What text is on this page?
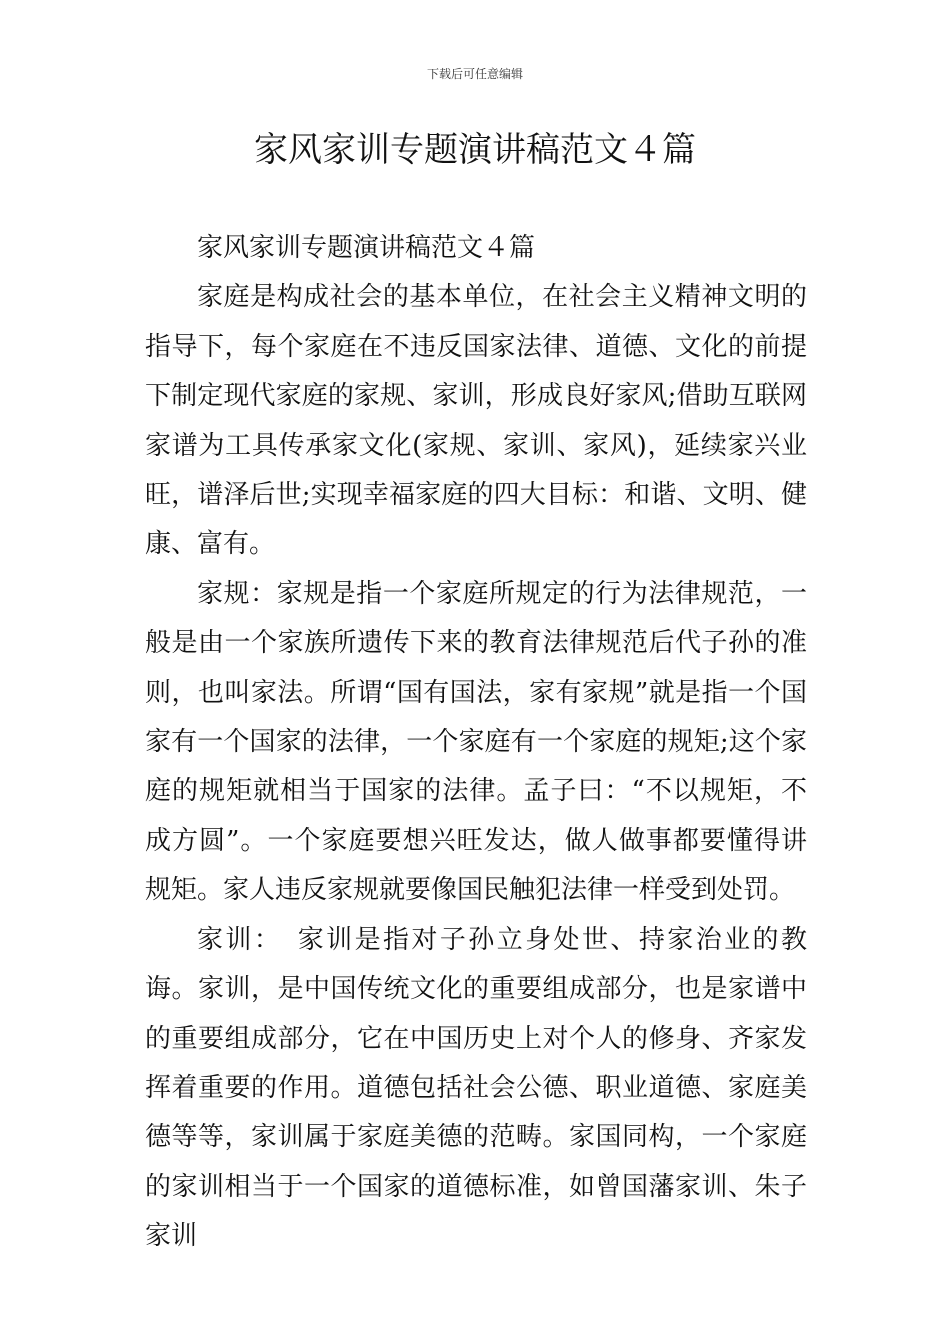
下载后可任意编辑
家风家训专题演讲稿范文４篇

家风家训专题演讲稿范文４篇

家庭是构成社会的基本单位，在社会主义精神文明的指导下，每个家庭在不违反国家法律、道德、文化的前提下制定现代家庭的家规、家训，形成良好家风;借助互联网家谱为工具传承家文化(家规、家训、家风)，延续家兴业旺，谱泽后世;实现幸福家庭的四大目标：和谐、文明、健康、富有。

家规：家规是指一个家庭所规定的行为法律规范，一般是由一个家族所遗传下来的教育法律规范后代子孙的准则，也叫家法。所谓“国有国法，家有家规”就是指一个国家有一个国家的法律，一个家庭有一个家庭的规矩;这个家庭的规矩就相当于国家的法律。孟子曰：“不以规矩，不成方圆”。一个家庭要想兴旺发达，做人做事都要懂得讲规矩。家人违反家规就要像国民触犯法律一样受到处罚。

家训：　家训是指对子孙立身处世、持家治业的教诲。家训，是中国传统文化的重要组成部分，也是家谱中的重要组成部分，它在中国历史上对个人的修身、齐家发挥着重要的作用。道德包括社会公德、职业道德、家庭美德等等，家训属于家庭美德的范畴。家国同构，一个家庭的家训相当于一个国家的道德标准，如曾国藩家训、朱子家训
